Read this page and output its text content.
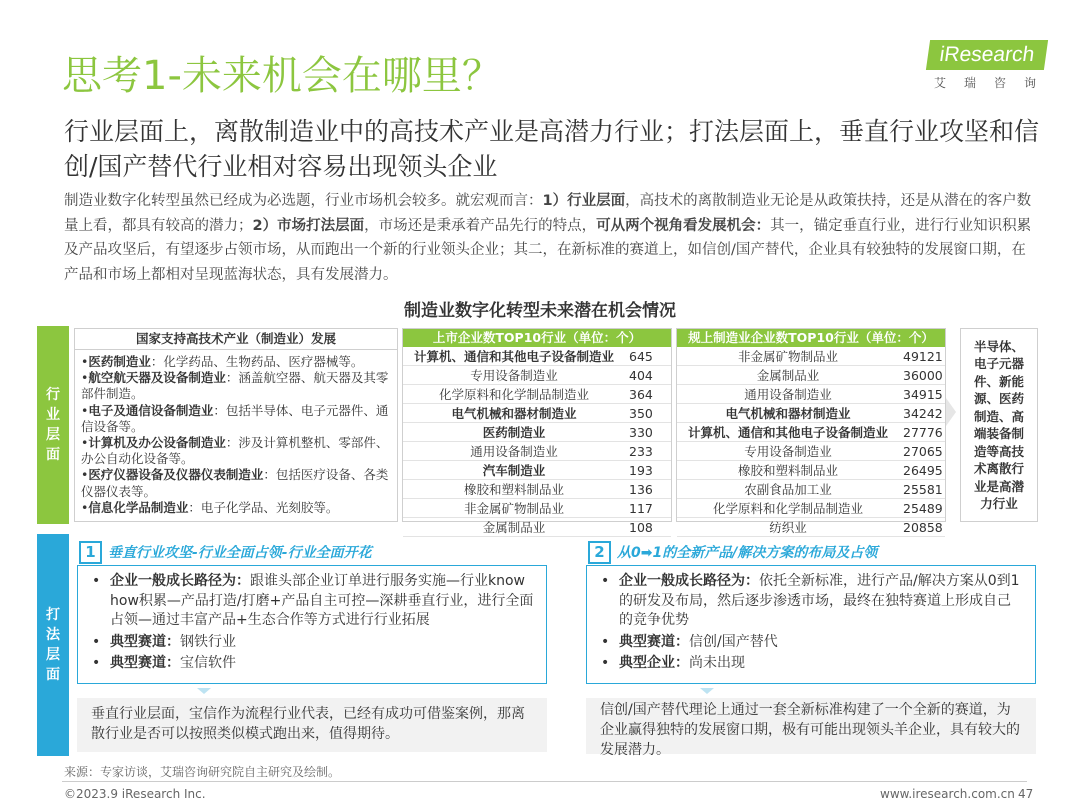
思考1-未来机会在哪里？	iResearch
艾瑞咨询
行业层面上，离散制造业中的高技术产业是高潜力行业；打法层面上，垂直行业攻坚和信创/国产替代行业相对容易出现领头企业
制造业数字化转型虽然已经成为必选题，行业市场机会较多。就宏观而言：1）行业层面，高技术的离散制造业无论是从政策扶持，还是从潜在的客户数量上看，都具有较高的潜力；2）市场打法层面，市场还是秉承着产品先行的特点，可从两个视角看发展机会：其一，锚定垂直行业，进行行业知识积累及产品攻坚后，有望逐步占领市场，从而跑出一个新的行业领头企业；其二，在新标准的赛道上，如信创/国产替代，企业具有较独特的发展窗口期，在产品和市场上都相对呈现蓝海状态，具有发展潜力。
制造业数字化转型未来潜在机会情况
行业层面
国家支持高技术产业（制造业）发展
•医药制造业：化学药品、生物药品、医疗器械等。
•航空航天器及设备制造业：涵盖航空器、航天器及其零部件制造。
•电子及通信设备制造业：包括半导体、电子元器件、通信设备等。
•计算机及办公设备制造业：涉及计算机整机、零部件、办公自动化设备等。
•医疗仪器设备及仪器仪表制造业：包括医疗设备、各类仪器仪表等。
•信息化学品制造业：电子化学品、光刻胶等。
上市企业数TOP10行业（单位：个）
计算机、通信和其他电子设备制造业	645
专用设备制造业	404
化学原料和化学制品制造业	364
电气机械和器材制造业	350
医药制造业	330
通用设备制造业	233
汽车制造业	193
橡胶和塑料制品业	136
非金属矿物制品业	117
金属制品业	108
规上制造业企业数TOP10行业（单位：个）
非金属矿物制品业	49121
金属制品业	36000
通用设备制造业	34915
电气机械和器材制造业	34242
计算机、通信和其他电子设备制造业	27776
专用设备制造业	27065
橡胶和塑料制品业	26495
农副食品加工业	25581
化学原料和化学制品制造业	25489
纺织业	20858
半导体、电子元器件、新能源、医药制造、高端装备制造等高技术离散行业是高潜力行业
打法层面
1 垂直行业攻坚-行业全面占领-行业全面开花
• 企业一般成长路径为：跟谁头部企业订单进行服务实施—行业know how积累—产品打造/打磨+产品自主可控—深耕垂直行业，进行全面占领—通过丰富产品+生态合作等方式进行行业拓展
• 典型赛道：钢铁行业
• 典型赛道：宝信软件
垂直行业层面，宝信作为流程行业代表，已经有成功可借鉴案例，那离散行业是否可以按照类似模式跑出来，值得期待。
2 从0➡1的全新产品/解决方案的布局及占领
• 企业一般成长路径为：依托全新标准，进行产品/解决方案从0到1的研发及布局，然后逐步渗透市场，最终在独特赛道上形成自己的竞争优势
• 典型赛道：信创/国产替代
• 典型企业：尚未出现
信创/国产替代理论上通过一套全新标准构建了一个全新的赛道，为企业赢得独特的发展窗口期，极有可能出现领头羊企业，具有较大的发展潜力。
来源：专家访谈，艾瑞咨询研究院自主研究及绘制。
©2023.9 iResearch Inc.	www.iresearch.com.cn 47
